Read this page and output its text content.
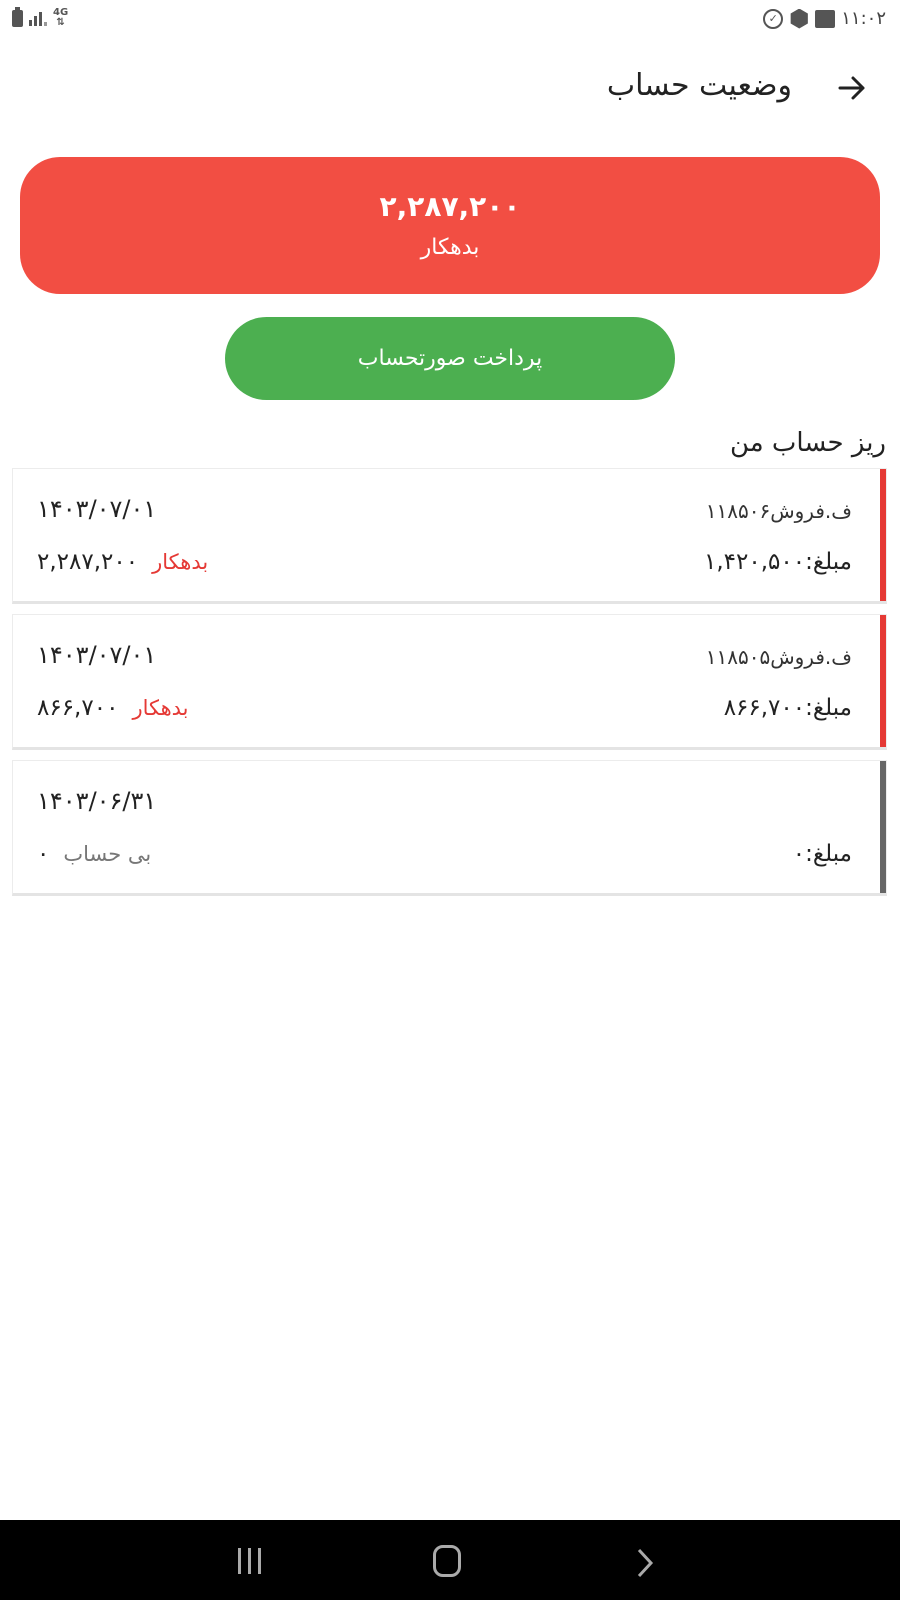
4G
⇅	✓	۱۱:۰۲
وضعیت حساب
۲,۲۸۷,۲۰۰
بدهکار
پرداخت صورتحساب
ریز حساب من
۱۴۰۳/۰۷/۰۱	ف.فروش۱۱۸۵۰۶
۲,۲۸۷,۲۰۰ بدهکار	مبلغ:۱,۴۲۰,۵۰۰
۱۴۰۳/۰۷/۰۱	ف.فروش۱۱۸۵۰۵
۸۶۶,۷۰۰ بدهکار	مبلغ:۸۶۶,۷۰۰
۱۴۰۳/۰۶/۳۱
۰ بی حساب	مبلغ:۰
